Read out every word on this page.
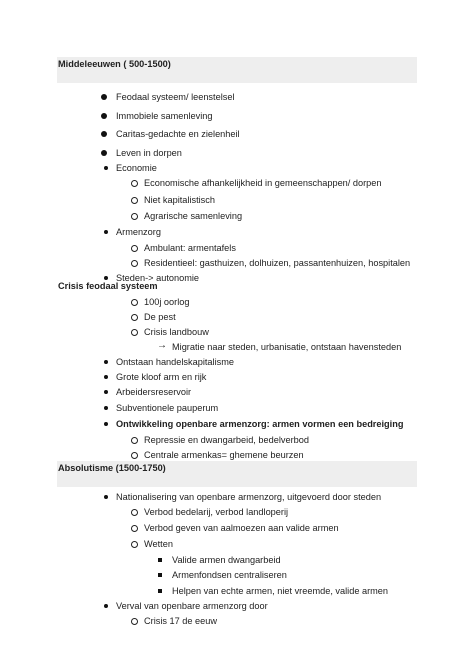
Middeleeuwen ( 500-1500)
Feodaal systeem/ leenstelsel
Immobiele samenleving
Caritas-gedachte en zielenheil
Leven in dorpen
Economie
Economische afhankelijkheid in gemeenschappen/ dorpen
Niet kapitalistisch
Agrarische samenleving
Armenzorg
Ambulant: armentafels
Residentieel: gasthuizen, dolhuizen, passantenhuizen, hospitalen
Steden-> autonomie
Crisis feodaal systeem
100j oorlog
De pest
Crisis landbouw
→ Migratie naar steden, urbanisatie, ontstaan havensteden
Ontstaan handelskapitalisme
Grote kloof arm en rijk
Arbeidersreservoir
Subventionele pauperum
Ontwikkeling openbare armenzorg: armen vormen een bedreiging
Repressie en dwangarbeid, bedelverbod
Centrale armenkas= ghemene beurzen
Absolutisme (1500-1750)
Nationalisering van openbare armenzorg, uitgevoerd door steden
Verbod bedelarij, verbod landloperij
Verbod geven van aalmoezen aan valide armen
Wetten
Valide armen dwangarbeid
Armenfondsen centraliseren
Helpen van echte armen, niet vreemde, valide armen
Verval van openbare armenzorg door
Crisis 17 de eeuw
